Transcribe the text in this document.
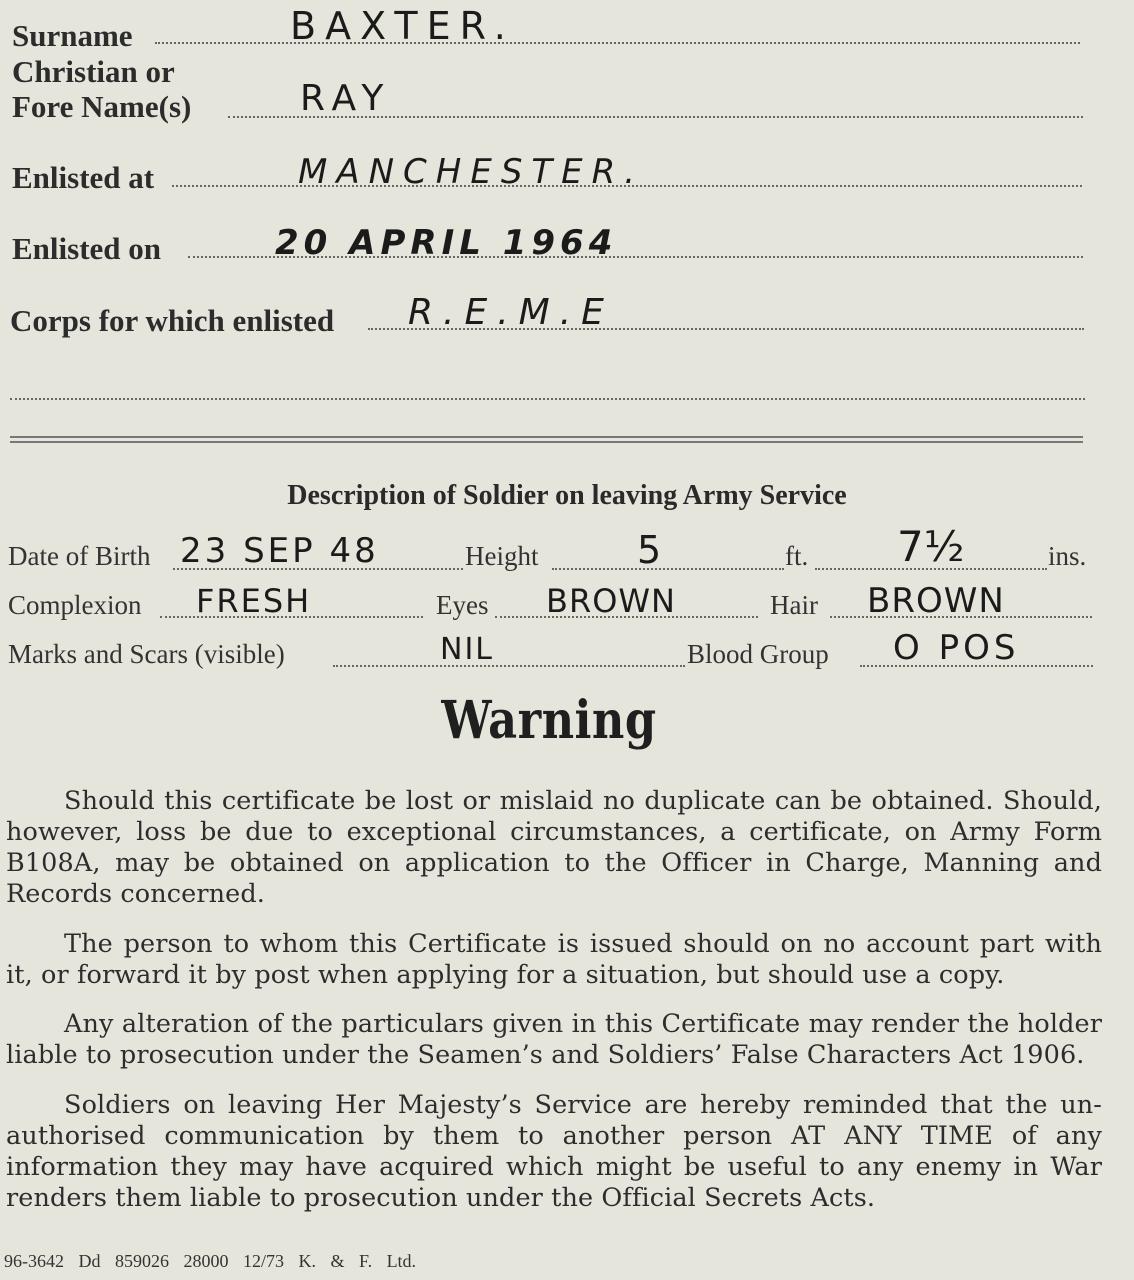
Surname	BAXTER.
Christian or
Fore Name(s)	RAY
Enlisted at	MANCHESTER.
Enlisted on	20 APRIL 1964
Corps for which enlisted R.E.M.E
Description of Soldier on leaving Army Service
Date of Birth 23 SEP 48	Height	5	ft. 7½	ins.
Complexion FRESH	Eyes BROWN	Hair BROWN
Marks and Scars (visible)	NIL	Blood Group O POS
Warning
Should this certificate be lost or mislaid no duplicate can be obtained. Should, however, loss be due to exceptional circumstances, a certificate, on Army Form B108A, may be obtained on application to the Officer in Charge, Manning and Records concerned.
The person to whom this Certificate is issued should on no account part with it, or forward it by post when applying for a situation, but should use a copy.
Any alteration of the particulars given in this Certificate may render the holder liable to prosecution under the Seamen’s and Soldiers’ False Characters Act 1906.
Soldiers on leaving Her Majesty’s Service are hereby reminded that the un-authorised communication by them to another person AT ANY TIME of any information they may have acquired which might be useful to any enemy in War renders them liable to prosecution under the Official Secrets Acts.
96-3642 Dd 859026 28000 12/73 K. & F. Ltd.
